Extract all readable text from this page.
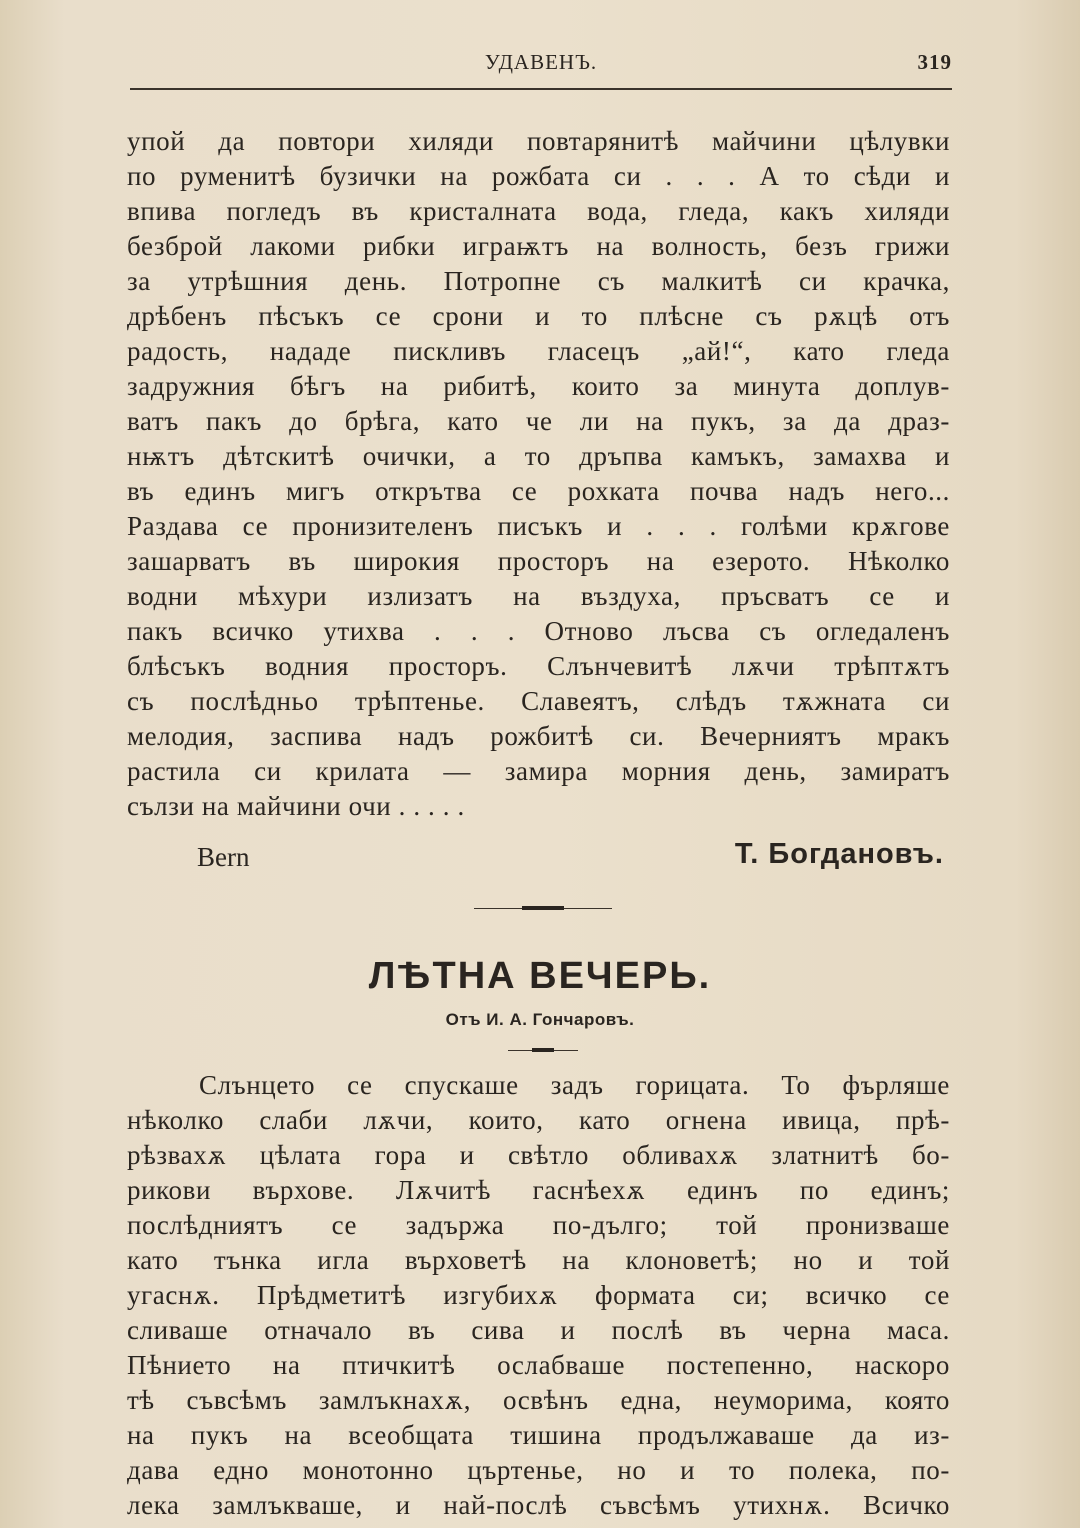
УДАВЕНЪ.	319
упой да повтори хиляди повтарянитѣ майчини цѣлувки
по руменитѣ бузички на рожбата си . . . А то сѣди и
впива погледъ въ кристалната вода, гледа, какъ хиляди
безброй лакоми рибки играѭтъ на волность, безъ грижи
за утрѣшния день. Потропне съ малкитѣ си крачка,
дрѣбенъ пѣсъкъ се срони и то плѣсне съ рѫцѣ отъ
радость, нададе пискливъ гласецъ „ай!“, като гледа
задружния бѣгъ на рибитѣ, които за минута доплув-
ватъ пакъ до брѣга, като че ли на пукъ, за да драз-
нѭтъ дѣтскитѣ очички, а то дръпва камъкъ, замахва и
въ единъ мигъ открътва се рохката почва надъ него...
Раздава се пронизителенъ писъкъ и . . . голѣми крѫгове
зашарватъ въ широкия просторъ на езерото. Нѣколко
водни мѣхури излизатъ на въздуха, пръсватъ се и
пакъ всичко утихва . . . Отново лъсва съ огледаленъ
блѣсъкъ водния просторъ. Слънчевитѣ лѫчи трѣптѫтъ
съ послѣдньо трѣптенье. Славеятъ, слѣдъ тѫжната си
мелодия, заспива надъ рожбитѣ си. Вечерниятъ мракъ
растила си крилата — замира морния день, замиратъ
сълзи на майчини очи . . . . .
Bern	Т. Богдановъ.
ЛѢТНА ВЕЧЕРЬ.
Отъ И. А. Гончаровъ.
Слънцето се спускаше задъ горицата. То фърляше
нѣколко слаби лѫчи, които, като огнена ивица, прѣ-
рѣзвахѫ цѣлата гора и свѣтло обливахѫ златнитѣ бо-
рикови върхове. Лѫчитѣ гаснѣехѫ единъ по единъ;
послѣдниятъ се задържа по-дълго; той пронизваше
като тънка игла върховетѣ на клоноветѣ; но и той
угаснѫ. Прѣдметитѣ изгубихѫ формата си; всичко се
сливаше отначало въ сива и послѣ въ черна маса.
Пѣнието на птичкитѣ ослабваше постепенно, наскоро
тѣ съвсѣмъ замлъкнахѫ, освѣнъ една, неуморима, която
на пукъ на всеобщата тишина продължаваше да из-
дава едно монотонно църтенье, но и то полека, по-
лека замлъкваше, и най-послѣ съвсѣмъ утихнѫ. Всичко
